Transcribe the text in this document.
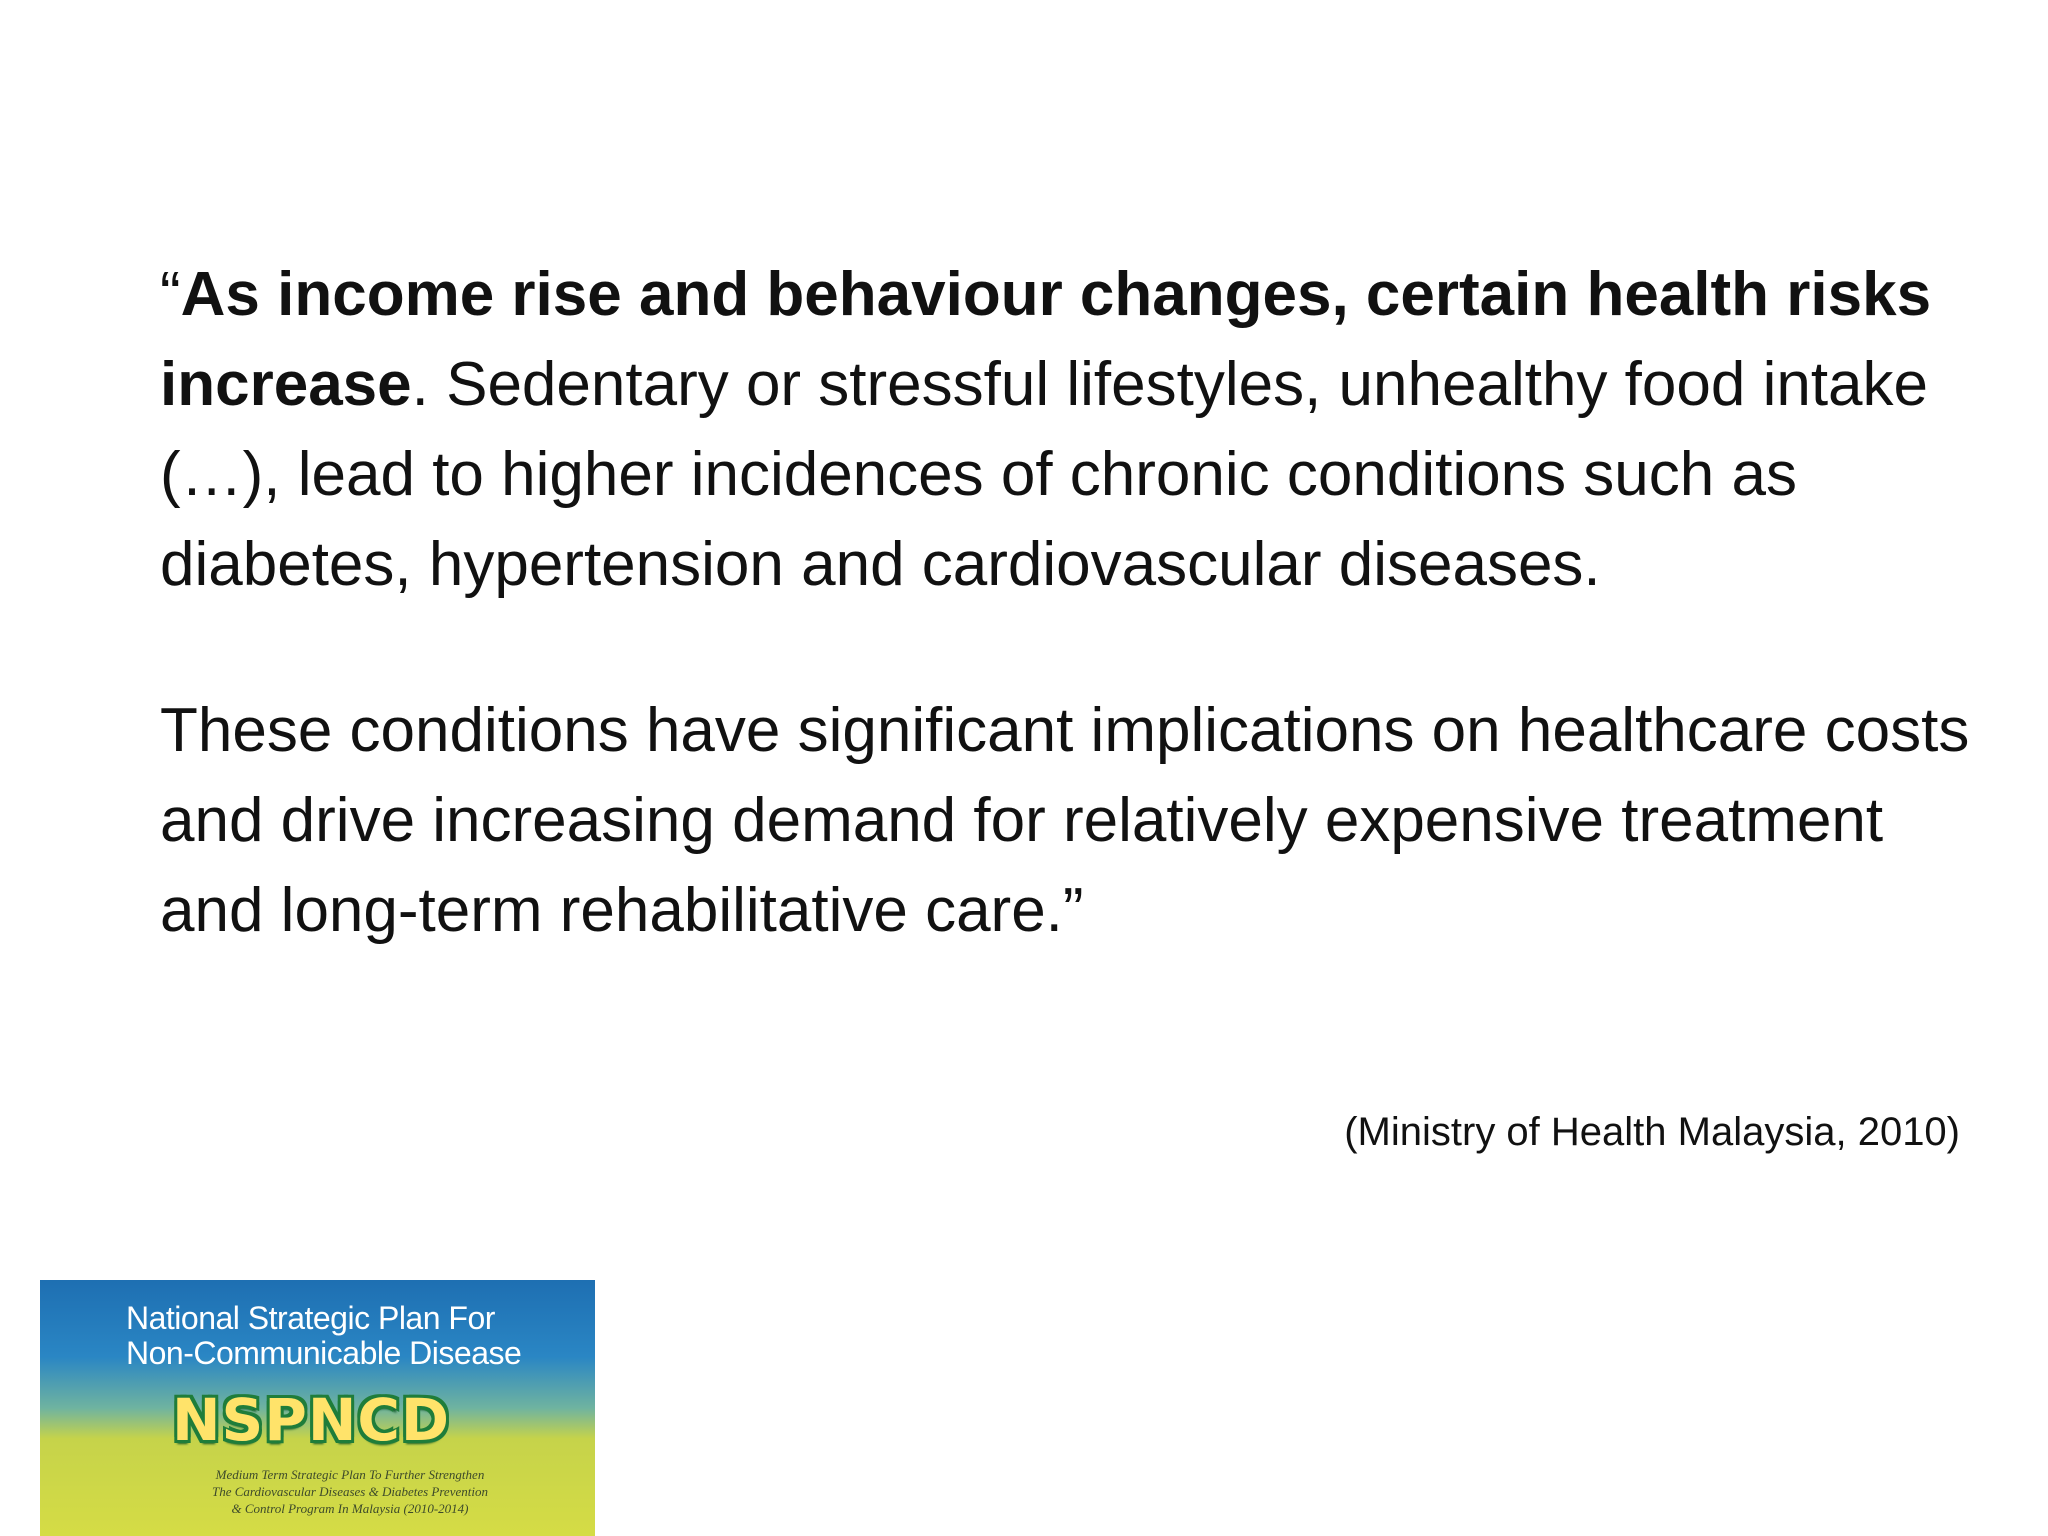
“As income rise and behaviour changes, certain health risks increase. Sedentary or stressful lifestyles, unhealthy food intake (…), lead to higher incidences of chronic conditions such as diabetes, hypertension and cardiovascular diseases.

These conditions have significant implications on healthcare costs and drive increasing demand for relatively expensive treatment and long-term rehabilitative care.”

(Ministry of Health Malaysia, 2010)

National Strategic Plan For
Non-Communicable Disease
NSPNCD
Medium Term Strategic Plan To Further Strengthen
The Cardiovascular Diseases & Diabetes Prevention
& Control Program In Malaysia (2010-2014)
